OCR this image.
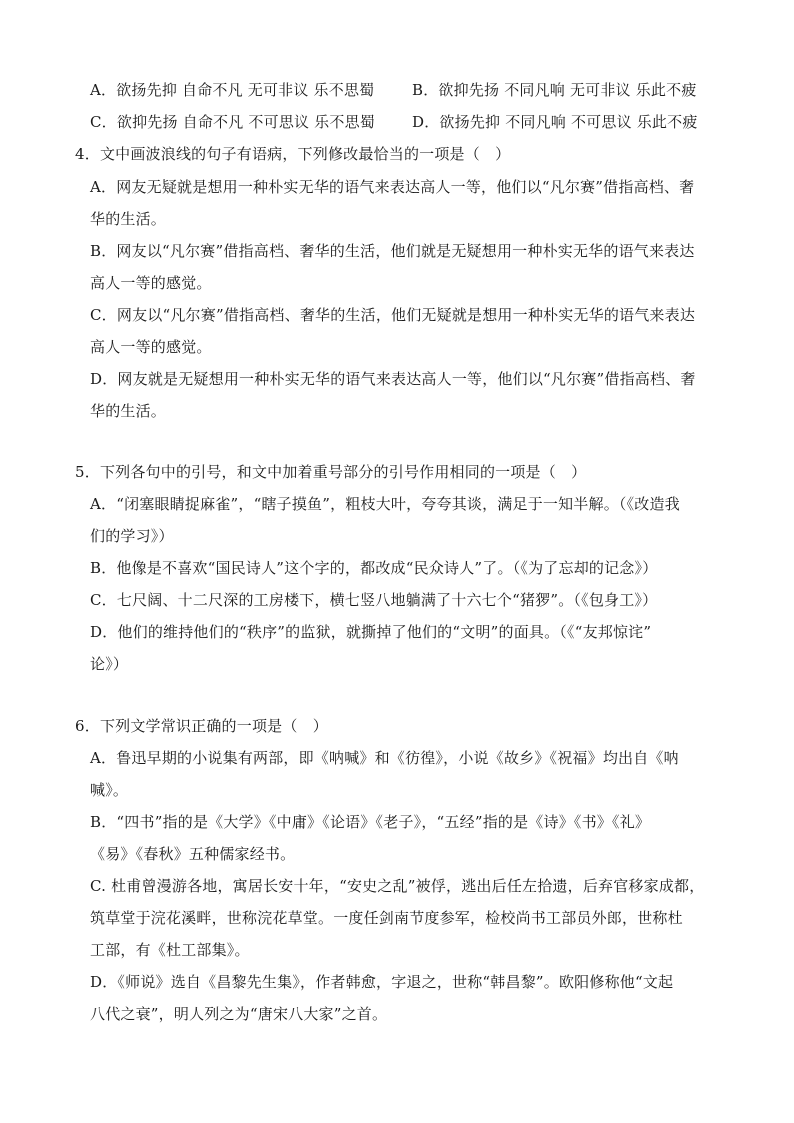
A．欲扬先抑 自命不凡 无可非议 乐不思蜀	B．欲抑先扬 不同凡响 无可非议 乐此不疲
C．欲抑先扬 自命不凡 不可思议 乐不思蜀 D．欲扬先抑 不同凡响 不可思议 乐此不疲
4．文中画波浪线的句子有语病，下列修改最恰当的一项是（　）
A．网友无疑就是想用一种朴实无华的语气来表达高人一等，他们以“凡尔赛”借指高档、奢
华的生活。
B．网友以“凡尔赛”借指高档、奢华的生活，他们就是无疑想用一种朴实无华的语气来表达
高人一等的感觉。
C．网友以“凡尔赛”借指高档、奢华的生活，他们无疑就是想用一种朴实无华的语气来表达
高人一等的感觉。
D．网友就是无疑想用一种朴实无华的语气来表达高人一等，他们以“凡尔赛”借指高档、奢
华的生活。
5．下列各句中的引号，和文中加着重号部分的引号作用相同的一项是（　）
A．“闭塞眼睛捉麻雀”，“瞎子摸鱼”，粗枝大叶，夸夸其谈，满足于一知半解。（《改造我
们的学习》）
B．他像是不喜欢“国民诗人”这个字的，都改成“民众诗人”了。（《为了忘却的记念》）
C．七尺阔、十二尺深的工房楼下，横七竖八地躺满了十六七个“猪猡”。（《包身工》）
D．他们的维持他们的“秩序”的监狱，就撕掉了他们的“文明”的面具。（《“友邦惊诧”
论》）
6．下列文学常识正确的一项是（　）
A．鲁迅早期的小说集有两部，即《呐喊》和《彷徨》，小说《故乡》《祝福》均出自《呐
喊》。
B．“四书”指的是《大学》《中庸》《论语》《老子》，“五经”指的是《诗》《书》《礼》
《易》《春秋》五种儒家经书。
C. 杜甫曾漫游各地，寓居长安十年，“安史之乱”被俘，逃出后任左拾遗，后弃官移家成都，
筑草堂于浣花溪畔，世称浣花草堂。一度任剑南节度参军，检校尚书工部员外郎，世称杜
工部，有《杜工部集》。
D．《师说》选自《昌黎先生集》，作者韩愈，字退之，世称“韩昌黎”。欧阳修称他“文起
八代之衰”，明人列之为“唐宋八大家”之首。
